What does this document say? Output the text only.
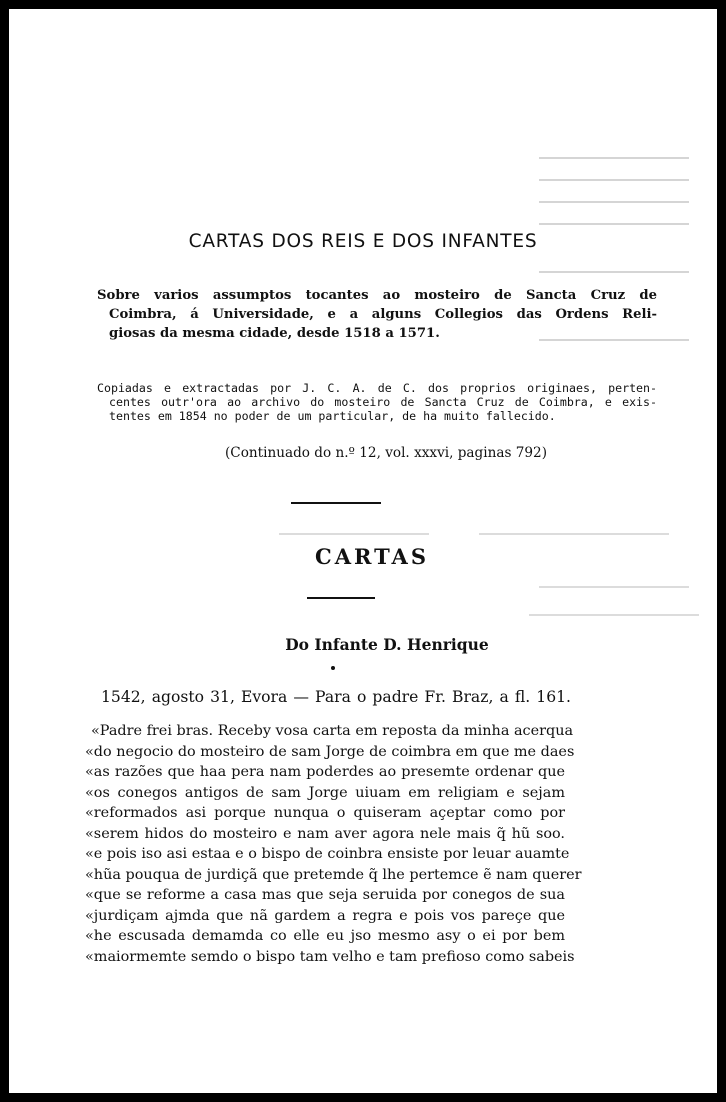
CARTAS DOS REIS E DOS INFANTES
Sobre varios assumptos tocantes ao mosteiro de Sancta Cruz de
Coimbra, á Universidade, e a alguns Collegios das Ordens Reli-
giosas da mesma cidade, desde 1518 a 1571.
Copiadas e extractadas por J. C. A. de C. dos proprios originaes, perten-
centes outr'ora ao archivo do mosteiro de Sancta Cruz de Coimbra, e exis-
tentes em 1854 no poder de um particular, de ha muito fallecido.
(Continuado do n.º 12, vol. xxxvi, paginas 792)
CARTAS
Do Infante D. Henrique
1542, agosto 31, Evora — Para o padre Fr. Braz, a fl. 161.
«Padre frei bras. Receby vosa carta em reposta da minha acerqua
«do negocio do mosteiro de sam Jorge de coimbra em que me daes
«as razões que haa pera nam poderdes ao presemte ordenar que
«os conegos antigos de sam Jorge uiuam em religiam e sejam
«reformados asi porque nunqua o quiseram açeptar como por
«serem hidos do mosteiro e nam aver agora nele mais q̃ hũ soo.
«e pois iso asi estaa e o bispo de coinbra ensiste por leuar auamte
«hũa pouqua de jurdiçã que pretemde q̃ lhe pertemce ẽ nam querer
«que se reforme a casa mas que seja seruida por conegos de sua
«jurdiçam ajmda que nã gardem a regra e pois vos pareçe que
«he escusada demamda co elle eu jso mesmo asy o ei por bem
«maiormemte semdo o bispo tam velho e tam prefioso como sabeis
